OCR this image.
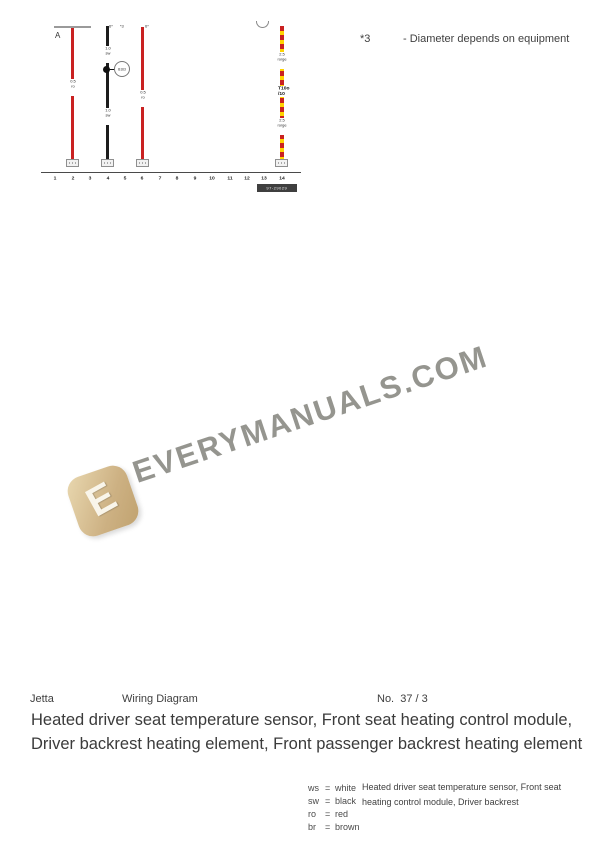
A
6* *3	6*
0.5
ro
1.0
sw
1.0
sw
B163
0.5
ro
2.5
ro/ge
2.5
ro/ge
T10o
/10
1	2	3	4	5	6	7	8	9	10	11	12	13	14
97-29029
*3	- Diameter depends on equipment
E
EVERYMANUALS.COM
Jetta	Wiring Diagram	No.  37 / 3
Heated driver seat temperature sensor, Front seat heating control module, Driver backrest heating element, Front passenger backrest heating element
ws = white
sw = black
ro = red
br = brown
Heated driver seat temperature sensor, Front seat heating control module, Driver backrest
